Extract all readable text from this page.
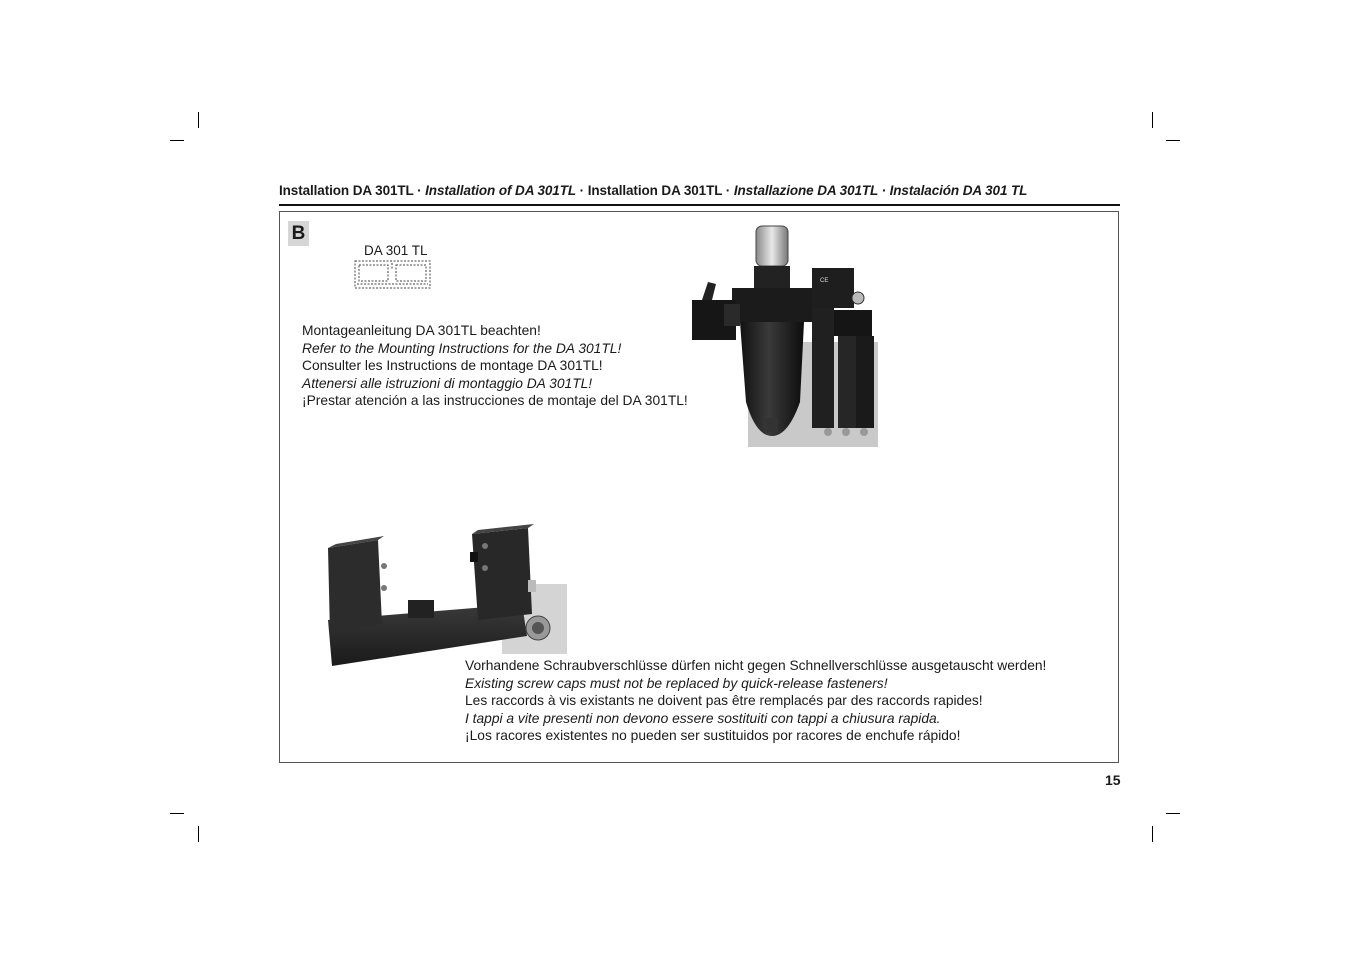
Installation DA 301TL · Installation of DA 301TL · Installation DA 301TL · Installazione DA 301TL · Instalación DA 301 TL
B
DA 301 TL
Montageanleitung DA 301TL beachten!
Refer to the Mounting Instructions for the DA 301TL!
Consulter les Instructions de montage DA 301TL!
Attenersi alle istruzioni di montaggio DA 301TL!
¡Prestar atención a las instrucciones de montaje del DA 301TL!
CE
Vorhandene Schraubverschlüsse dürfen nicht gegen Schnellverschlüsse ausgetauscht werden!
Existing screw caps must not be replaced by quick-release fasteners!
Les raccords à vis existants ne doivent pas être remplacés par des raccords rapides!
I tappi a vite presenti non devono essere sostituiti con tappi a chiusura rapida.
¡Los racores existentes no pueden ser sustituidos por racores de enchufe rápido!
15
